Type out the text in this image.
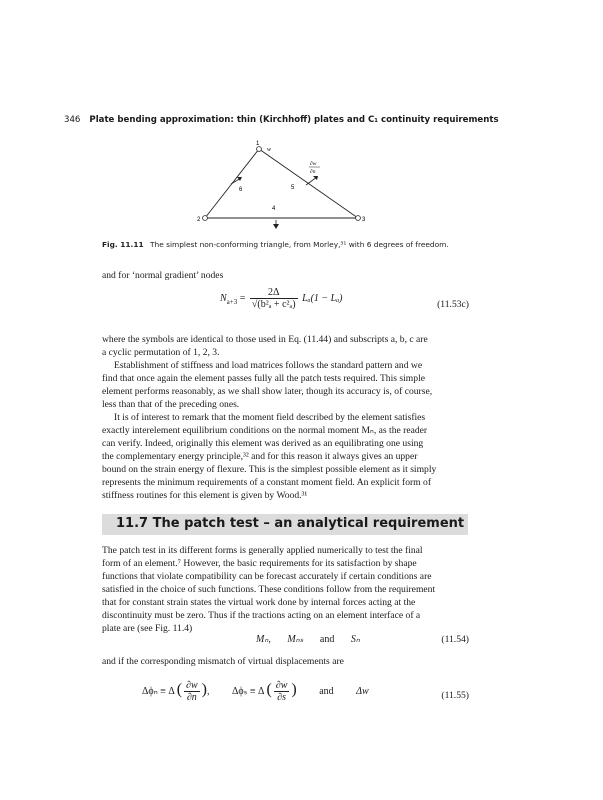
346 Plate bending approximation: thin (Kirchhoff) plates and C₁ continuity requirements
1
w
2	3
4
5
6
∂w
∂n
Fig. 11.11 The simplest non-conforming triangle, from Morley,³¹ with 6 degrees of freedom.
and for ‘normal gradient’ nodes
$N_{a+3} = \frac{2\Delta}{\text{√(b²ₐ + c²ₐ)}} L_a(1 - L_a)$
(11.53c)
where the symbols are identical to those used in Eq. (11.44) and subscripts a, b, c are
a cyclic permutation of 1, 2, 3.
Establishment of stiffness and load matrices follows the standard pattern and we
find that once again the element passes fully all the patch tests required. This simple
element performs reasonably, as we shall show later, though its accuracy is, of course,
less than that of the preceding ones.
It is of interest to remark that the moment field described by the element satisfies
exactly interelement equilibrium conditions on the normal moment Mₙ, as the reader
can verify. Indeed, originally this element was derived as an equilibrating one using
the complementary energy principle,³² and for this reason it always gives an upper
bound on the strain energy of flexure. This is the simplest possible element as it simply
represents the minimum requirements of a constant moment field. An explicit form of
stiffness routines for this element is given by Wood.³¹
11.7 The patch test – an analytical requirement
The patch test in its different forms is generally applied numerically to test the final
form of an element.⁷ However, the basic requirements for its satisfaction by shape
functions that violate compatibility can be forecast accurately if certain conditions are
satisfied in the choice of such functions. These conditions follow from the requirement
that for constant strain states the virtual work done by internal forces acting at the
discontinuity must be zero. Thus if the tractions acting on an element interface of a
plate are (see Fig. 11.4)
Mₙ, Mₙₛ and Sₙ	(11.54)
and if the corresponding mismatch of virtual displacements are
Δϕₙ ≡ Δ ( $\frac{\partial w}{\partial n}$ ), Δϕₛ ≡ Δ ( $\frac{\partial w}{\partial s}$ ) and Δw	(11.55)
